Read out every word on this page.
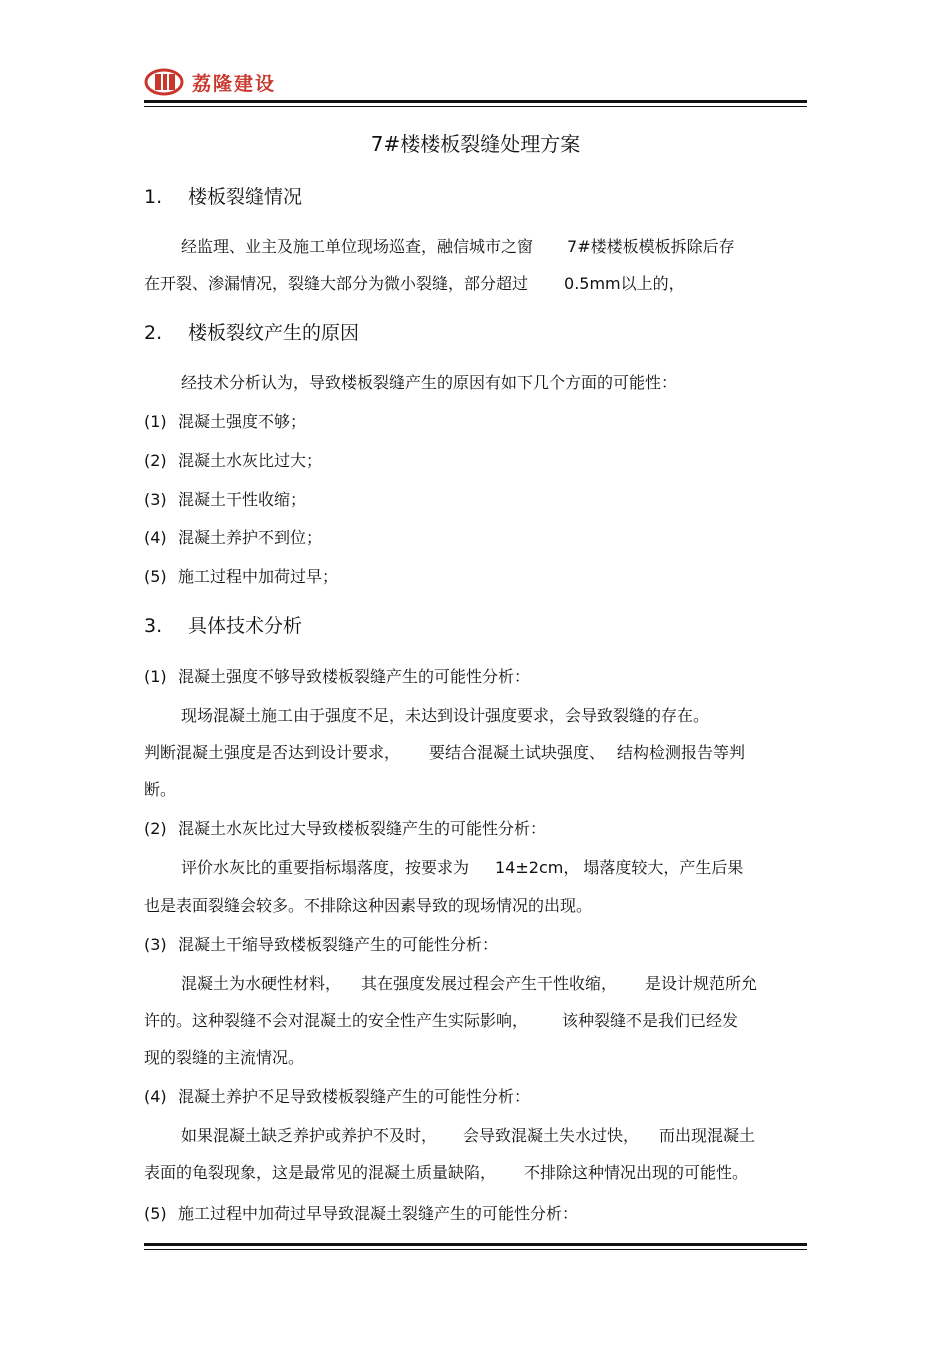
荔隆建设
7#楼楼板裂缝处理方案
1. 楼板裂缝情况
经监理、业主及施工单位现场巡查，融信城市之窗 7#楼楼板模板拆除后存
在开裂、渗漏情况，裂缝大部分为微小裂缝，部分超过 0.5mm以上的，
2. 楼板裂纹产生的原因
经技术分析认为，导致楼板裂缝产生的原因有如下几个方面的可能性：
(1) 混凝土强度不够；
(2) 混凝土水灰比过大；
(3) 混凝土干性收缩；
(4) 混凝土养护不到位；
(5) 施工过程中加荷过早；
3. 具体技术分析
(1) 混凝土强度不够导致楼板裂缝产生的可能性分析：
现场混凝土施工由于强度不足，未达到设计强度要求，会导致裂缝的存在。
判断混凝土强度是否达到设计要求， 要结合混凝土试块强度、 结构检测报告等判
断。
(2) 混凝土水灰比过大导致楼板裂缝产生的可能性分析：
评价水灰比的重要指标塌落度，按要求为 14±2cm， 塌落度较大，产生后果
也是表面裂缝会较多。不排除这种因素导致的现场情况的出现。
(3) 混凝土干缩导致楼板裂缝产生的可能性分析：
混凝土为水硬性材料， 其在强度发展过程会产生干性收缩， 是设计规范所允
许的。这种裂缝不会对混凝土的安全性产生实际影响， 该种裂缝不是我们已经发
现的裂缝的主流情况。
(4) 混凝土养护不足导致楼板裂缝产生的可能性分析：
如果混凝土缺乏养护或养护不及时， 会导致混凝土失水过快， 而出现混凝土
表面的龟裂现象，这是最常见的混凝土质量缺陷， 不排除这种情况出现的可能性。
(5) 施工过程中加荷过早导致混凝土裂缝产生的可能性分析：
